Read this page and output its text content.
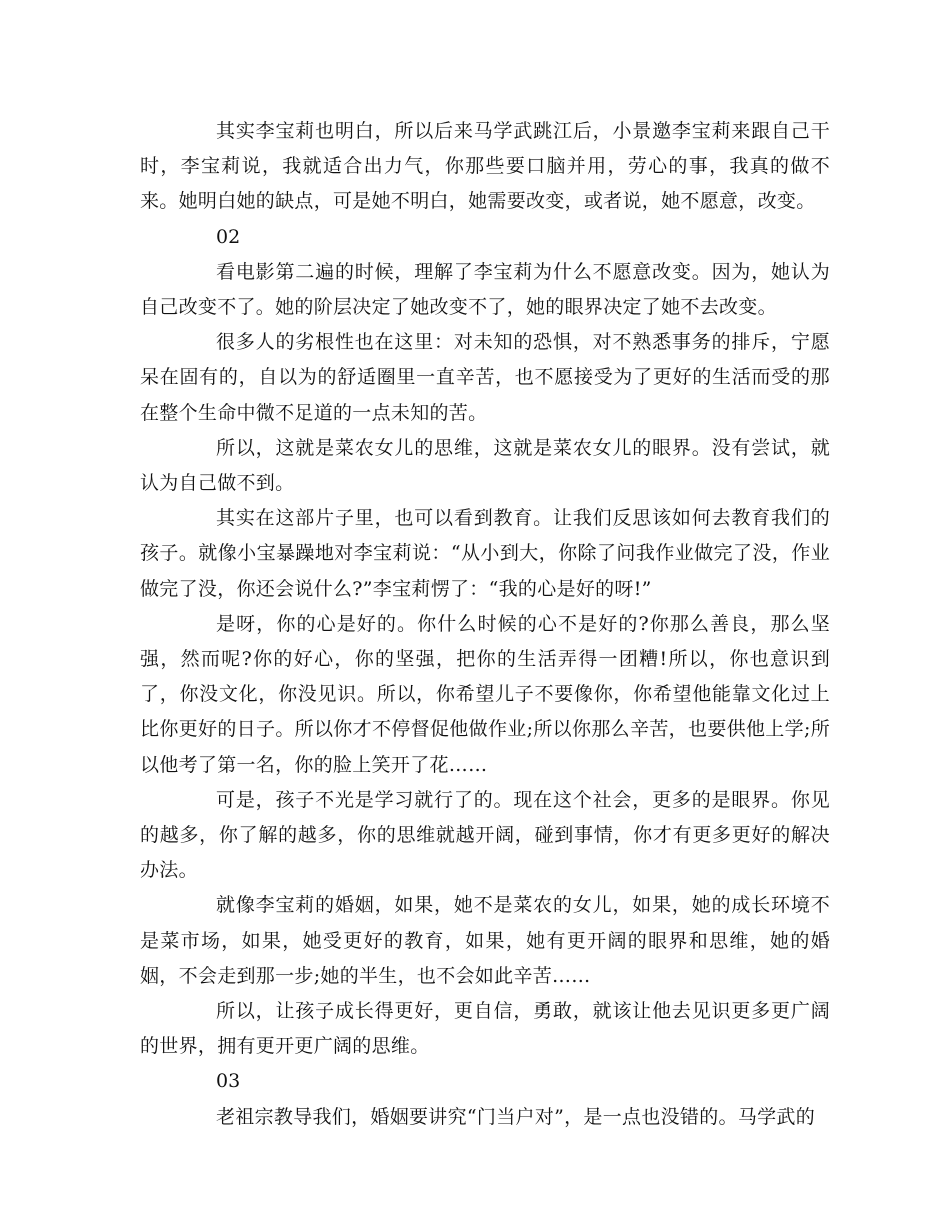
其实李宝莉也明白，所以后来马学武跳江后，小景邀李宝莉来跟自己干时，李宝莉说，我就适合出力气，你那些要口脑并用，劳心的事，我真的做不来。她明白她的缺点，可是她不明白，她需要改变，或者说，她不愿意，改变。

02

看电影第二遍的时候，理解了李宝莉为什么不愿意改变。因为，她认为自己改变不了。她的阶层决定了她改变不了，她的眼界决定了她不去改变。

很多人的劣根性也在这里：对未知的恐惧，对不熟悉事务的排斥，宁愿呆在固有的，自以为的舒适圈里一直辛苦，也不愿接受为了更好的生活而受的那在整个生命中微不足道的一点未知的苦。

所以，这就是菜农女儿的思维，这就是菜农女儿的眼界。没有尝试，就认为自己做不到。

其实在这部片子里，也可以看到教育。让我们反思该如何去教育我们的孩子。就像小宝暴躁地对李宝莉说：“从小到大，你除了问我作业做完了没，作业做完了没，你还会说什么?”李宝莉愣了：“我的心是好的呀!”

是呀，你的心是好的。你什么时候的心不是好的?你那么善良，那么坚强，然而呢?你的好心，你的坚强，把你的生活弄得一团糟!所以，你也意识到了，你没文化，你没见识。所以，你希望儿子不要像你，你希望他能靠文化过上比你更好的日子。所以你才不停督促他做作业;所以你那么辛苦，也要供他上学;所以他考了第一名，你的脸上笑开了花……

可是，孩子不光是学习就行了的。现在这个社会，更多的是眼界。你见的越多，你了解的越多，你的思维就越开阔，碰到事情，你才有更多更好的解决办法。

就像李宝莉的婚姻，如果，她不是菜农的女儿，如果，她的成长环境不是菜市场，如果，她受更好的教育，如果，她有更开阔的眼界和思维，她的婚姻，不会走到那一步;她的半生，也不会如此辛苦……

所以，让孩子成长得更好，更自信，勇敢，就该让他去见识更多更广阔的世界，拥有更开更广阔的思维。

03

老祖宗教导我们，婚姻要讲究“门当户对”，是一点也没错的。马学武的
